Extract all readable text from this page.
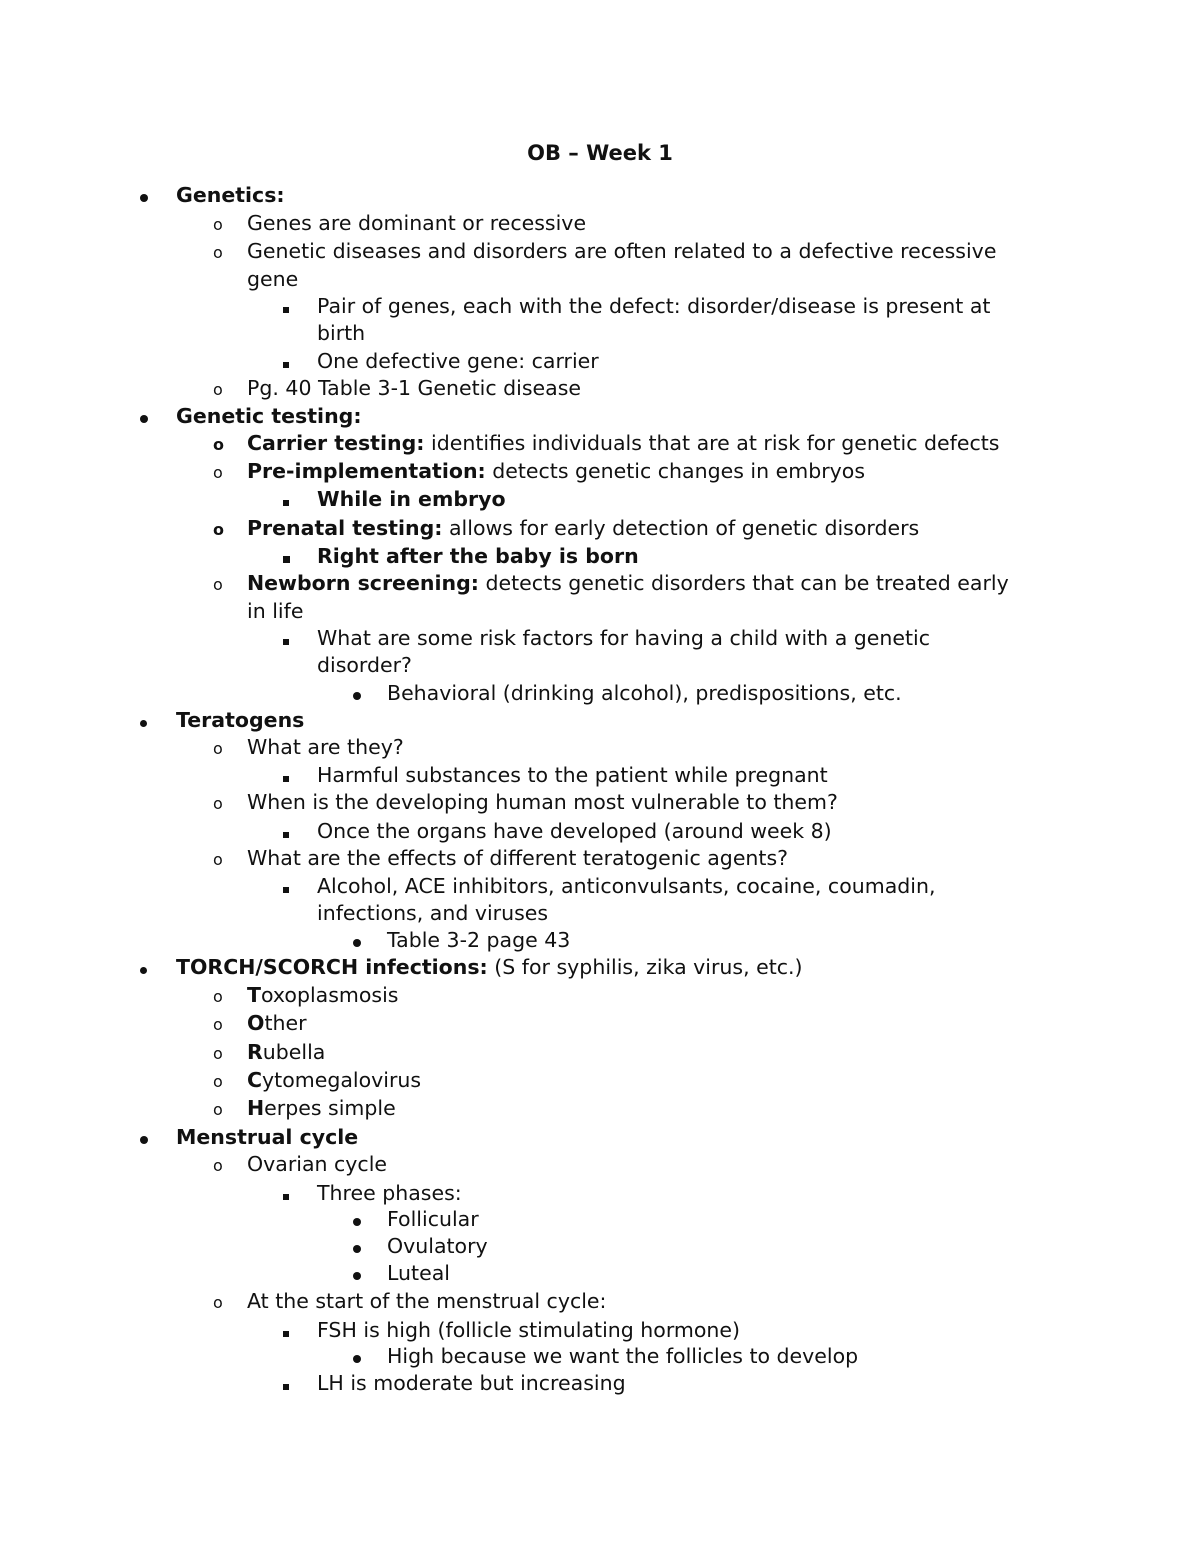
OB – Week 1
Genetics:
o Genes are dominant or recessive
o Genetic diseases and disorders are often related to a defective recessive
gene
Pair of genes, each with the defect: disorder/disease is present at
birth
One defective gene: carrier
o Pg. 40 Table 3-1 Genetic disease
Genetic testing:
o Carrier testing: identifies individuals that are at risk for genetic defects
o Pre-implementation: detects genetic changes in embryos
While in embryo
o Prenatal testing: allows for early detection of genetic disorders
Right after the baby is born
o Newborn screening: detects genetic disorders that can be treated early
in life
What are some risk factors for having a child with a genetic
disorder?
Behavioral (drinking alcohol), predispositions, etc.
Teratogens
o What are they?
Harmful substances to the patient while pregnant
o When is the developing human most vulnerable to them?
Once the organs have developed (around week 8)
o What are the effects of different teratogenic agents?
Alcohol, ACE inhibitors, anticonvulsants, cocaine, coumadin,
infections, and viruses
Table 3-2 page 43
TORCH/SCORCH infections: (S for syphilis, zika virus, etc.)
o Toxoplasmosis
o Other
o Rubella
o Cytomegalovirus
o Herpes simple
Menstrual cycle
o Ovarian cycle
Three phases:
Follicular
Ovulatory
Luteal
o At the start of the menstrual cycle:
FSH is high (follicle stimulating hormone)
High because we want the follicles to develop
LH is moderate but increasing
